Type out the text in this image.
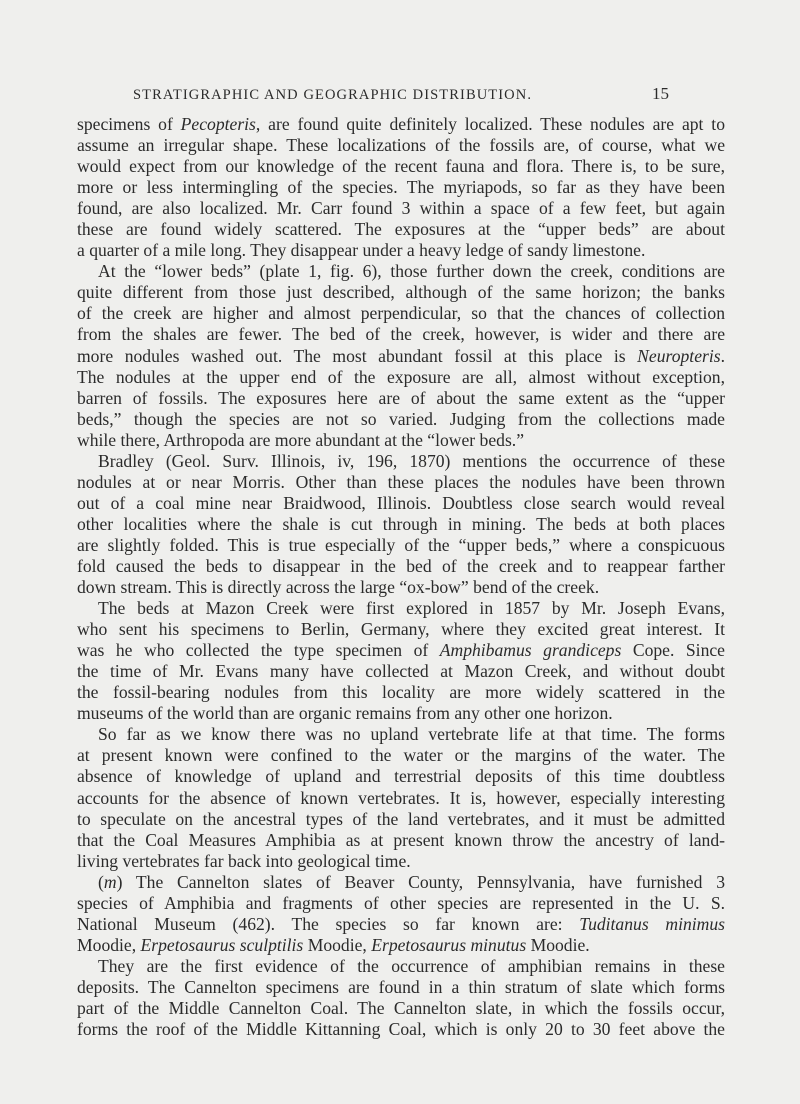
STRATIGRAPHIC AND GEOGRAPHIC DISTRIBUTION.	15
specimens of Pecopteris, are found quite definitely localized. These nodules are apt to
assume an irregular shape. These localizations of the fossils are, of course, what we
would expect from our knowledge of the recent fauna and flora. There is, to be sure,
more or less intermingling of the species. The myriapods, so far as they have been
found, are also localized. Mr. Carr found 3 within a space of a few feet, but again
these are found widely scattered. The exposures at the “upper beds” are about
a quarter of a mile long. They disappear under a heavy ledge of sandy limestone.
At the “lower beds” (plate 1, fig. 6), those further down the creek, conditions are
quite different from those just described, although of the same horizon; the banks
of the creek are higher and almost perpendicular, so that the chances of collection
from the shales are fewer. The bed of the creek, however, is wider and there are
more nodules washed out. The most abundant fossil at this place is Neuropteris.
The nodules at the upper end of the exposure are all, almost without exception,
barren of fossils. The exposures here are of about the same extent as the “upper
beds,” though the species are not so varied. Judging from the collections made
while there, Arthropoda are more abundant at the “lower beds.”
Bradley (Geol. Surv. Illinois, iv, 196, 1870) mentions the occurrence of these
nodules at or near Morris. Other than these places the nodules have been thrown
out of a coal mine near Braidwood, Illinois. Doubtless close search would reveal
other localities where the shale is cut through in mining. The beds at both places
are slightly folded. This is true especially of the “upper beds,” where a conspicuous
fold caused the beds to disappear in the bed of the creek and to reappear farther
down stream. This is directly across the large “ox-bow” bend of the creek.
The beds at Mazon Creek were first explored in 1857 by Mr. Joseph Evans,
who sent his specimens to Berlin, Germany, where they excited great interest. It
was he who collected the type specimen of Amphibamus grandiceps Cope. Since
the time of Mr. Evans many have collected at Mazon Creek, and without doubt
the fossil-bearing nodules from this locality are more widely scattered in the
museums of the world than are organic remains from any other one horizon.
So far as we know there was no upland vertebrate life at that time. The forms
at present known were confined to the water or the margins of the water. The
absence of knowledge of upland and terrestrial deposits of this time doubtless
accounts for the absence of known vertebrates. It is, however, especially interesting
to speculate on the ancestral types of the land vertebrates, and it must be admitted
that the Coal Measures Amphibia as at present known throw the ancestry of land-
living vertebrates far back into geological time.
(m) The Cannelton slates of Beaver County, Pennsylvania, have furnished 3
species of Amphibia and fragments of other species are represented in the U. S.
National Museum (462). The species so far known are: Tuditanus minimus
Moodie, Erpetosaurus sculptilis Moodie, Erpetosaurus minutus Moodie.
They are the first evidence of the occurrence of amphibian remains in these
deposits. The Cannelton specimens are found in a thin stratum of slate which forms
part of the Middle Cannelton Coal. The Cannelton slate, in which the fossils occur,
forms the roof of the Middle Kittanning Coal, which is only 20 to 30 feet above the
